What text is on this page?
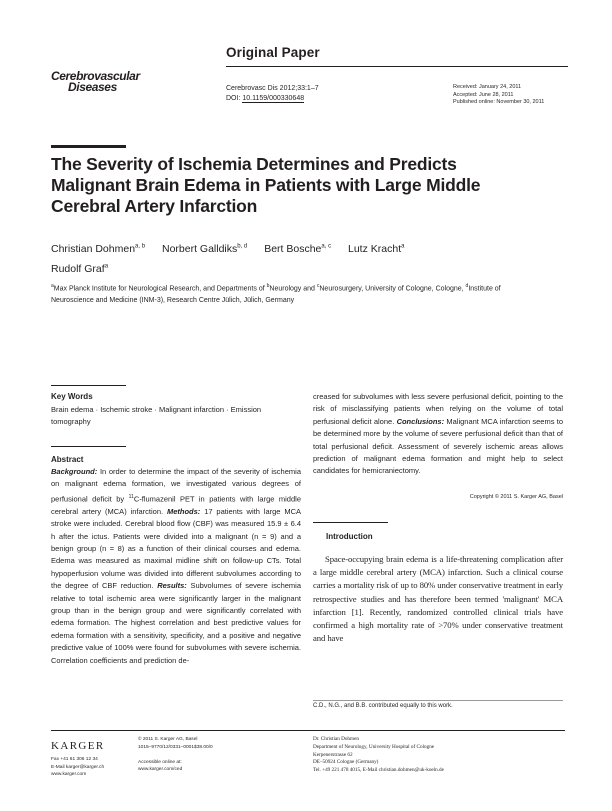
Original Paper
Cerebrovascular
Diseases	Cerebrovasc Dis 2012;33:1–7
DOI: 10.1159/000330648
Received: January 24, 2011
Accepted: June 28, 2011
Published online: November 30, 2011
The Severity of Ischemia Determines and Predicts Malignant Brain Edema in Patients with Large Middle Cerebral Artery Infarction
Christian Dohmen$^{a, b}$ Norbert Galldiks$^{b, d}$ Bert Bosche$^{a, c}$ Lutz Kracht$^a$
Rudolf Graf$^a$
$^a$Max Planck Institute for Neurological Research, and Departments of $^b$Neurology and $^c$Neurosurgery, University of Cologne, Cologne, $^d$Institute of Neuroscience and Medicine (INM-3), Research Centre Jülich, Jülich, Germany
Key Words
Brain edema · Ischemic stroke · Malignant infarction · Emission tomography
Abstract
Background: In order to determine the impact of the severity of ischemia on malignant edema formation, we investigated various degrees of perfusional deficit by $^{11}$C-flumazenil PET in patients with large middle cerebral artery (MCA) infarction. Methods: 17 patients with large MCA stroke were included. Cerebral blood flow (CBF) was measured 15.9 ± 6.4 h after the ictus. Patients were divided into a malignant (n = 9) and a benign group (n = 8) as a function of their clinical courses and edema. Edema was measured as maximal midline shift on follow-up CTs. Total hypoperfusion volume was divided into different subvolumes according to the degree of CBF reduction. Results: Subvolumes of severe ischemia relative to total ischemic area were significantly larger in the malignant group than in the benign group and were significantly correlated with edema formation. The highest correlation and best predictive values for edema formation with a sensitivity, specificity, and a positive and negative predictive value of 100% were found for subvolumes with severe ischemia. Correlation coefficients and prediction de-
creased for subvolumes with less severe perfusional deficit, pointing to the risk of misclassifying patients when relying on the volume of total perfusional deficit alone. Conclusions: Malignant MCA infarction seems to be determined more by the volume of severe perfusional deficit than that of total perfusional deficit. Assessment of severely ischemic areas allows prediction of malignant edema formation and might help to select candidates for hemicraniectomy.
Copyright © 2011 S. Karger AG, Basel
Introduction

Space-occupying brain edema is a life-threatening complication after a large middle cerebral artery (MCA) infarction. Such a clinical course carries a mortality risk of up to 80% under conservative treatment in early retrospective studies and has therefore been termed 'malignant' MCA infarction [1]. Recently, randomized controlled clinical trials have confirmed a high mortality rate of >70% under conservative treatment and have

C.D., N.G., and B.B. contributed equally to this work.
KARGER
Fax +41 61 306 12 34
E-Mail karger@karger.ch
www.karger.com
© 2011 S. Karger AG, Basel
1015–9770/12/0331–0001$38.00/0
Accessible online at:
www.karger.com/ced
Dr. Christian Dohmen
Department of Neurology, University Hospital of Cologne
Kerpenerstrasse 62
DE–50924 Cologne (Germany)
Tel. +49 221 478 4015, E-Mail christian.dohmen@uk-koeln.de
